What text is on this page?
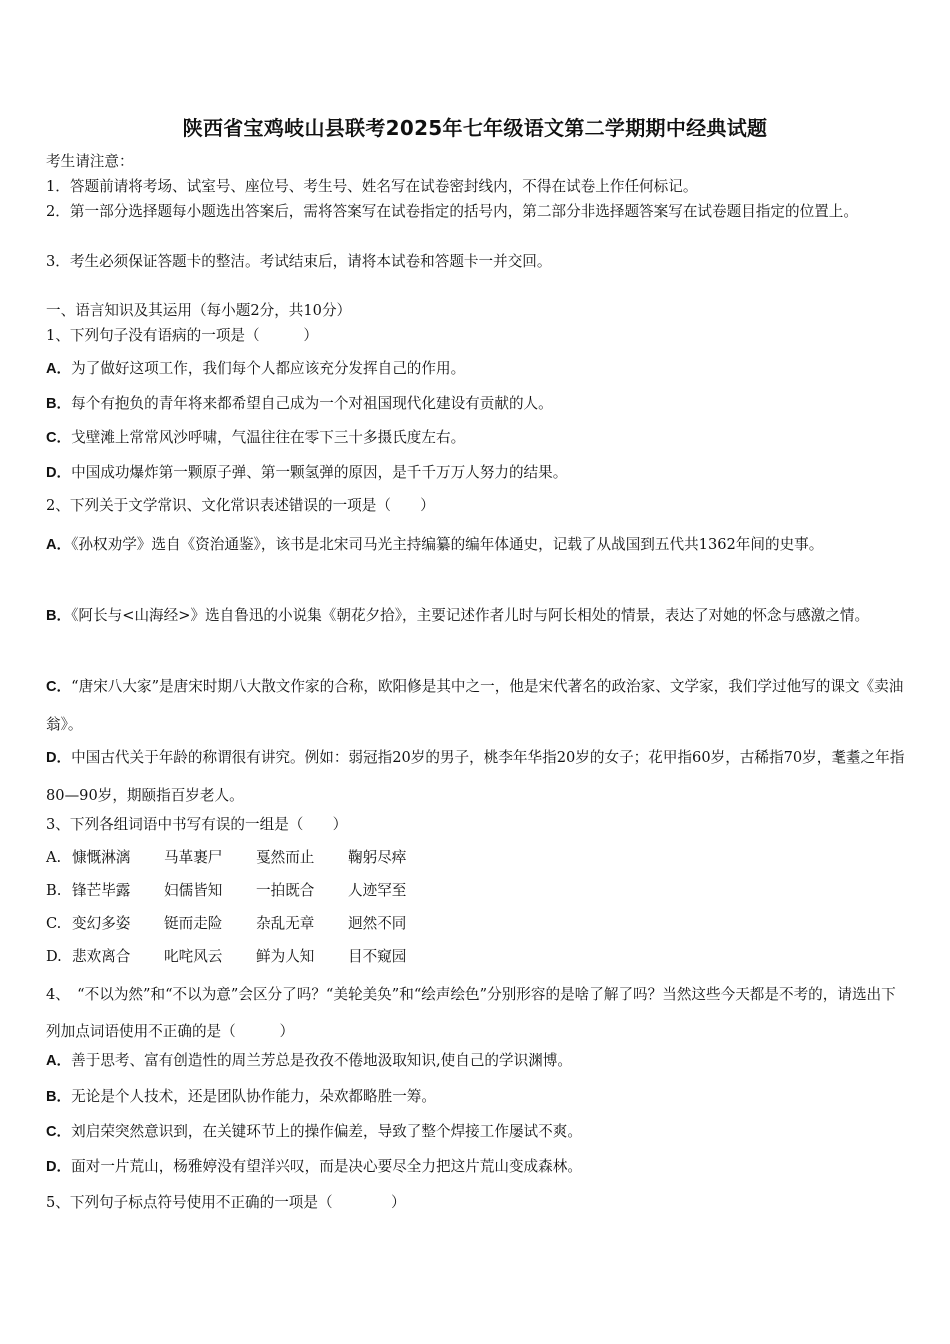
陕西省宝鸡岐山县联考2025年七年级语文第二学期期中经典试题
考生请注意：
1．答题前请将考场、试室号、座位号、考生号、姓名写在试卷密封线内，不得在试卷上作任何标记。
2．第一部分选择题每小题选出答案后，需将答案写在试卷指定的括号内，第二部分非选择题答案写在试卷题目指定的位置上。
3．考生必须保证答题卡的整洁。考试结束后，请将本试卷和答题卡一并交回。
一、语言知识及其运用（每小题2分，共10分）
1、下列句子没有语病的一项是（　　　）
A．为了做好这项工作，我们每个人都应该充分发挥自己的作用。
B．每个有抱负的青年将来都希望自己成为一个对祖国现代化建设有贡献的人。
C．戈壁滩上常常风沙呼啸，气温往往在零下三十多摄氏度左右。
D．中国成功爆炸第一颗原子弹、第一颗氢弹的原因，是千千万万人努力的结果。
2、下列关于文学常识、文化常识表述错误的一项是（　　）
A．《孙权劝学》选自《资治通鉴》，该书是北宋司马光主持编纂的编年体通史，记载了从战国到五代共1362年间的史事。
B．《阿长与<山海经>》选自鲁迅的小说集《朝花夕拾》，主要记述作者儿时与阿长相处的情景，表达了对她的怀念与感激之情。
C．“唐宋八大家”是唐宋时期八大散文作家的合称，欧阳修是其中之一，他是宋代著名的政治家、文学家，我们学过他写的课文《卖油翁》。
D．中国古代关于年龄的称谓很有讲究。例如：弱冠指20岁的男子，桃李年华指20岁的女子；花甲指60岁，古稀指70岁，耄耋之年指80—90岁，期颐指百岁老人。
3、下列各组词语中书写有误的一组是（　　）
A. 慷慨淋漓 马革裹尸 戛然而止 鞠躬尽瘁
B. 锋芒毕露 妇儒皆知 一拍既合 人迹罕至
C. 变幻多姿 铤而走险 杂乱无章 迥然不同
D. 悲欢离合 叱咤风云 鲜为人知 目不窥园
4、　“不以为然”和“不以为意”会区分了吗？“美轮美奂”和“绘声绘色”分别形容的是啥了解了吗？当然这些今天都是不考的，请选出下列加点词语使用不正确的是（　　　）
A．善于思考、富有创造性的周兰芳总是孜孜不倦地汲取知识,使自己的学识渊博。
B．无论是个人技术，还是团队协作能力，朵欢都略胜一筹。
C．刘启荣突然意识到，在关键环节上的操作偏差，导致了整个焊接工作屡试不爽。
D．面对一片荒山，杨雅婷没有望洋兴叹，而是决心要尽全力把这片荒山变成森林。
5、下列句子标点符号使用不正确的一项是（　　　　）
